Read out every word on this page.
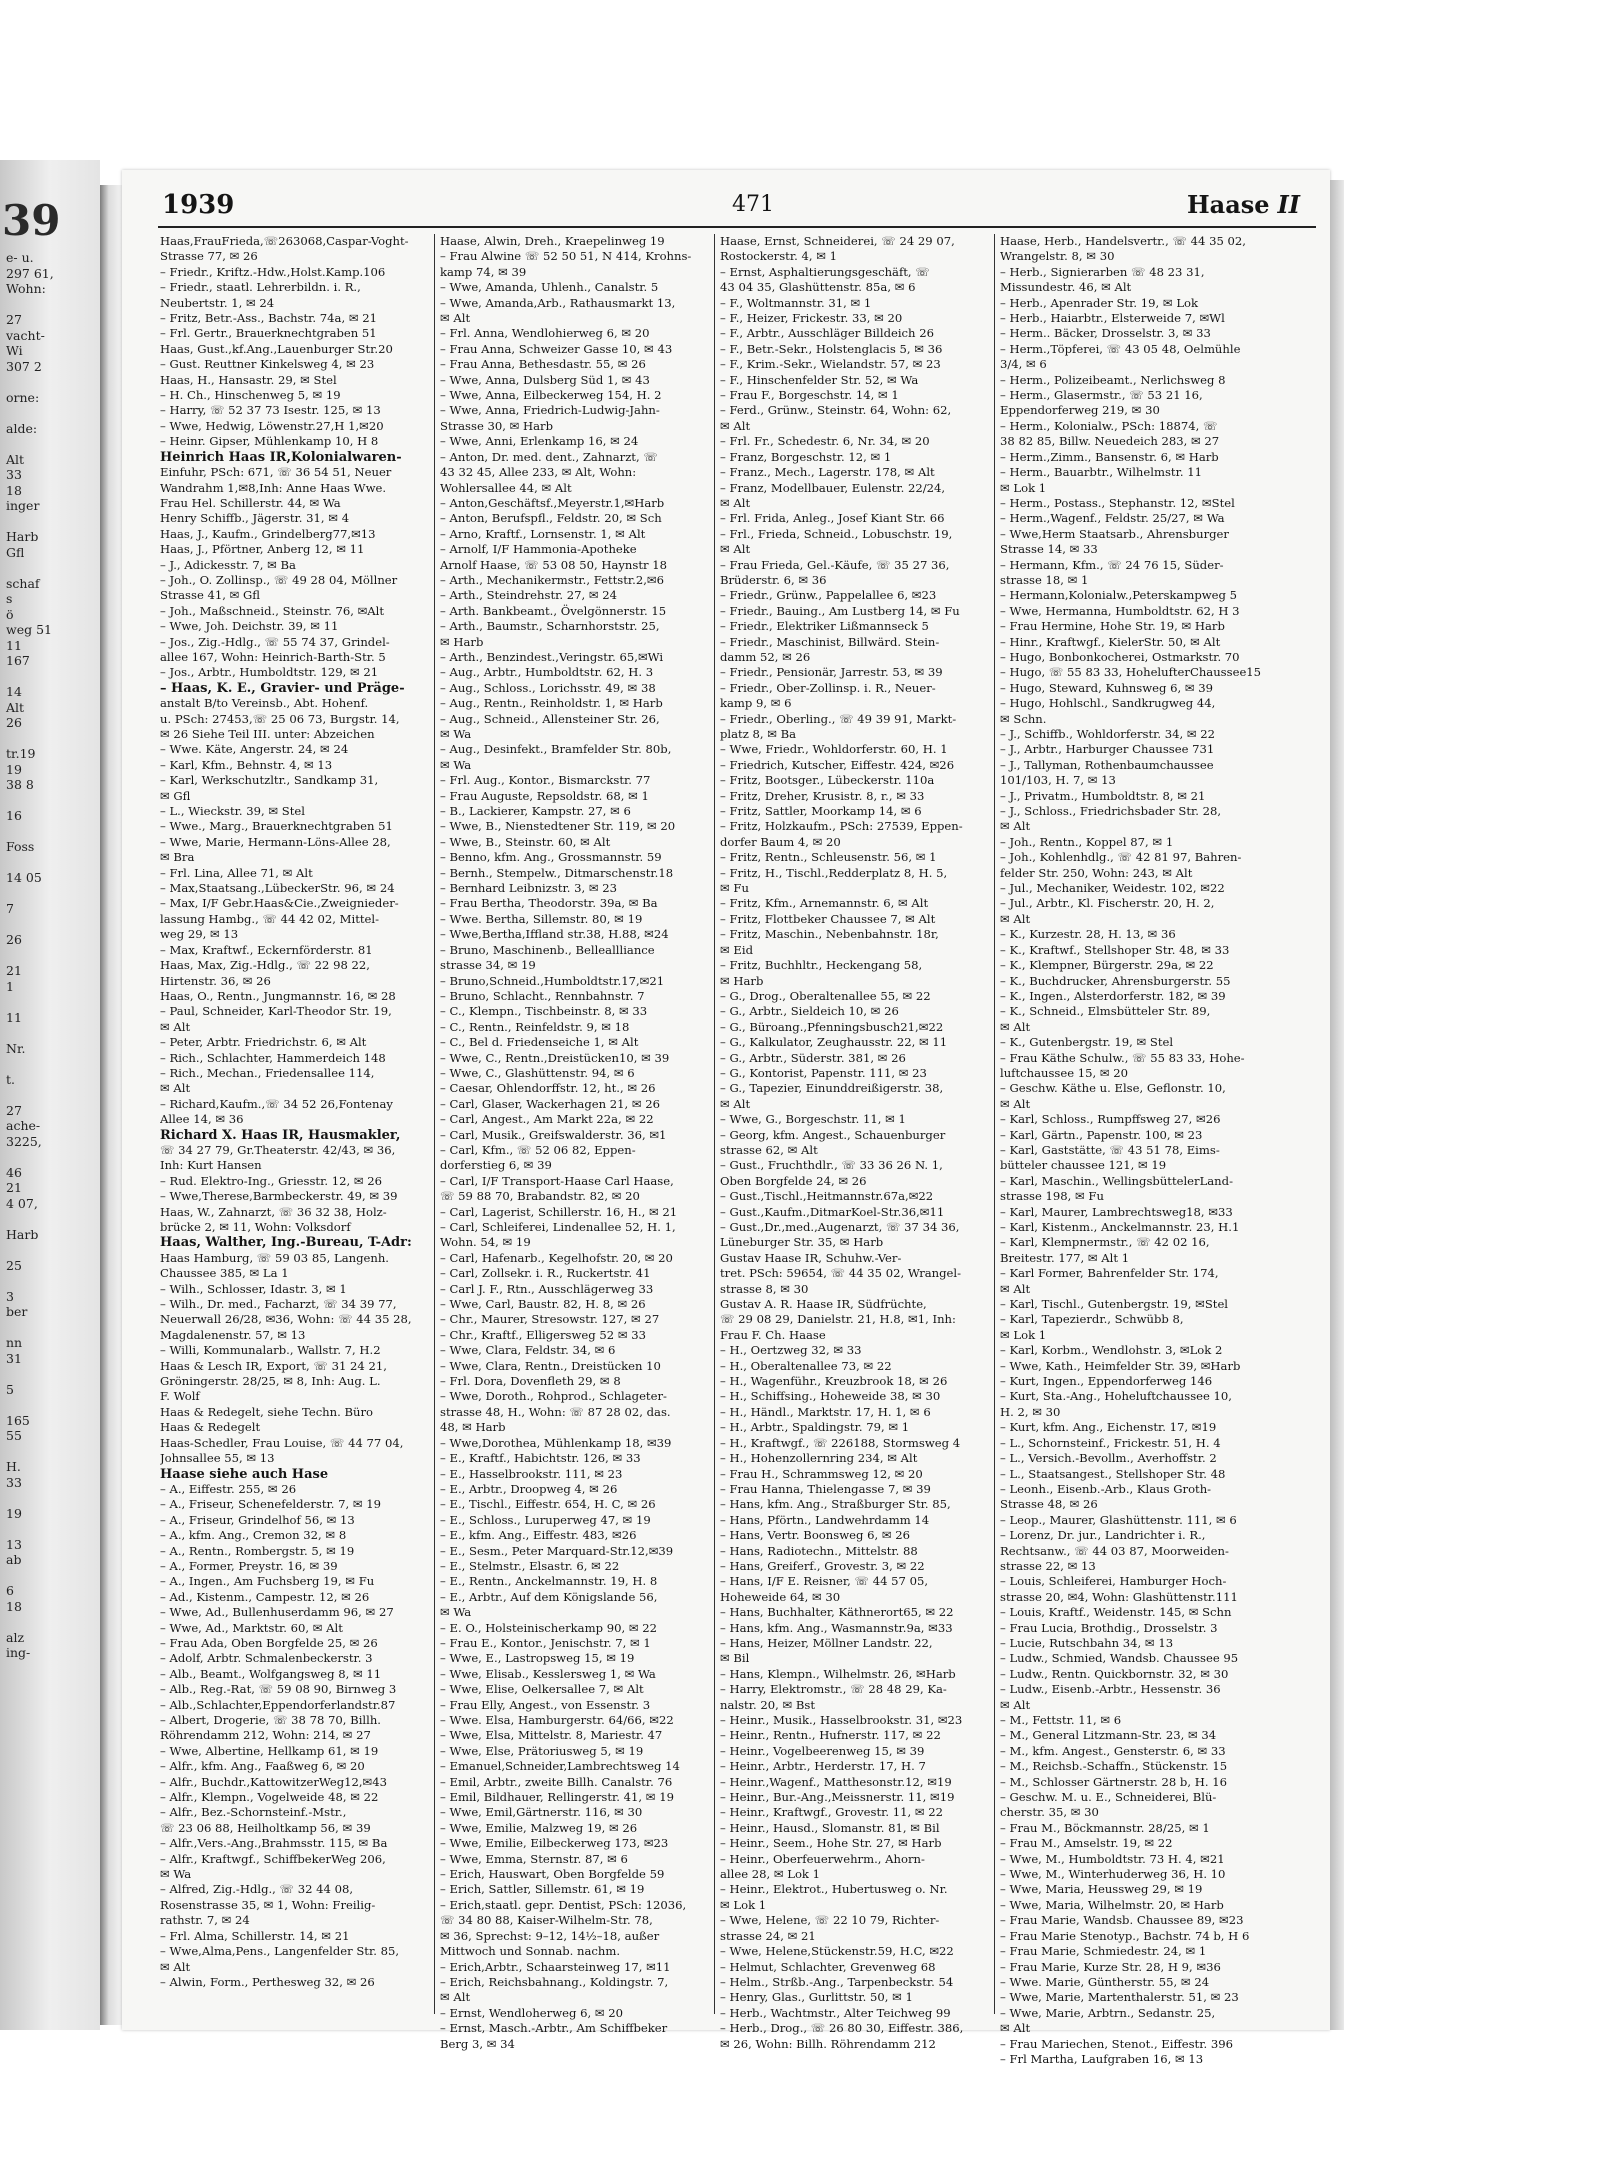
39
e- u.
297 61,
Wohn:

27
vacht-
Wi
307 2

orne:

alde:

Alt
33
18
inger

Harb
Gfl

schaf
s
ö
weg 51
11
167

14
Alt
26

tr.19
19
38 8

16

Foss

14 05

7

26

21
1

11

Nr.

t.

27
ache-
3225,

46
21
4 07,

Harb

25

3
ber

nn
31

5

165
55

H.
33

19

13
ab

6
18

alz
ing-
1939	471	Haase II
Haas,FrauFrieda,☏263068,Caspar-Voght-
Strasse 77, ✉ 26
– Friedr., Kriftz.-Hdw.,Holst.Kamp.106
– Friedr., staatl. Lehrerbildn. i. R.,
Neubertstr. 1, ✉ 24
– Fritz, Betr.-Ass., Bachstr. 74a, ✉ 21
– Frl. Gertr., Brauerknechtgraben 51
Haas, Gust.,kf.Ang.,Lauenburger Str.20
– Gust. Reuttner Kinkelsweg 4, ✉ 23
Haas, H., Hansastr. 29, ✉ Stel
– H. Ch., Hinschenweg 5, ✉ 19
– Harry, ☏ 52 37 73 Isestr. 125, ✉ 13
– Wwe, Hedwig, Löwenstr.27,H 1,✉20
– Heinr. Gipser, Mühlenkamp 10, H 8
Heinrich Haas IR,Kolonialwaren-
Einfuhr, PSch: 671, ☏ 36 54 51, Neuer
Wandrahm 1,✉8,Inh: Anne Haas Wwe.
Frau Hel. Schillerstr. 44, ✉ Wa
Henry Schiffb., Jägerstr. 31, ✉ 4
Haas, J., Kaufm., Grindelberg77,✉13
Haas, J., Pförtner, Anberg 12, ✉ 11
– J., Adickesstr. 7, ✉ Ba
– Joh., O. Zollinsp., ☏ 49 28 04, Möllner
Strasse 41, ✉ Gfl
– Joh., Maßschneid., Steinstr. 76, ✉Alt
– Wwe, Joh. Deichstr. 39, ✉ 11
– Jos., Zig.-Hdlg., ☏ 55 74 37, Grindel-
allee 167, Wohn: Heinrich-Barth-Str. 5
– Jos., Arbtr., Humboldtstr. 129, ✉ 21
– Haas, K. E., Gravier- und Präge-
anstalt B/to Vereinsb., Abt. Hohenf.
u. PSch: 27453,☏ 25 06 73, Burgstr. 14,
✉ 26 Siehe Teil III. unter: Abzeichen
– Wwe. Käte, Angerstr. 24, ✉ 24
– Karl, Kfm., Behnstr. 4, ✉ 13
– Karl, Werkschutzltr., Sandkamp 31,
✉ Gfl
– L., Wieckstr. 39, ✉ Stel
– Wwe., Marg., Brauerknechtgraben 51
– Wwe, Marie, Hermann-Löns-Allee 28,
✉ Bra
– Frl. Lina, Allee 71, ✉ Alt
– Max,Staatsang.,LübeckerStr. 96, ✉ 24
– Max, I/F Gebr.Haas&Cie.,Zweignieder-
lassung Hambg., ☏ 44 42 02, Mittel-
weg 29, ✉ 13
– Max, Kraftwf., Eckernförderstr. 81
Haas, Max, Zig.-Hdlg., ☏ 22 98 22,
Hirtenstr. 36, ✉ 26
Haas, O., Rentn., Jungmannstr. 16, ✉ 28
– Paul, Schneider, Karl-Theodor Str. 19,
✉ Alt
– Peter, Arbtr. Friedrichstr. 6, ✉ Alt
– Rich., Schlachter, Hammerdeich 148
– Rich., Mechan., Friedensallee 114,
✉ Alt
– Richard,Kaufm.,☏ 34 52 26,Fontenay
Allee 14, ✉ 36
Richard X. Haas IR, Hausmakler,
☏ 34 27 79, Gr.Theaterstr. 42/43, ✉ 36,
Inh: Kurt Hansen
– Rud. Elektro-Ing., Griesstr. 12, ✉ 26
– Wwe,Therese,Barmbeckerstr. 49, ✉ 39
Haas, W., Zahnarzt, ☏ 36 32 38, Holz-
brücke 2, ✉ 11, Wohn: Volksdorf
Haas, Walther, Ing.-Bureau, T-Adr:
Haas Hamburg, ☏ 59 03 85, Langenh.
Chaussee 385, ✉ La 1
– Wilh., Schlosser, Idastr. 3, ✉ 1
– Wilh., Dr. med., Facharzt, ☏ 34 39 77,
Neuerwall 26/28, ✉36, Wohn: ☏ 44 35 28,
Magdalenenstr. 57, ✉ 13
– Willi, Kommunalarb., Wallstr. 7, H.2
Haas & Lesch IR, Export, ☏ 31 24 21,
Gröningerstr. 28/25, ✉ 8, Inh: Aug. L.
F. Wolf
Haas & Redegelt, siehe Techn. Büro
Haas & Redegelt
Haas-Schedler, Frau Louise, ☏ 44 77 04,
Johnsallee 55, ✉ 13
Haase siehe auch Hase
– A., Eiffestr. 255, ✉ 26
– A., Friseur, Schenefelderstr. 7, ✉ 19
– A., Friseur, Grindelhof 56, ✉ 13
– A., kfm. Ang., Cremon 32, ✉ 8
– A., Rentn., Rombergstr. 5, ✉ 19
– A., Former, Preystr. 16, ✉ 39
– A., Ingen., Am Fuchsberg 19, ✉ Fu
– Ad., Kistenm., Campestr. 12, ✉ 26
– Wwe, Ad., Bullenhuserdamm 96, ✉ 27
– Wwe, Ad., Marktstr. 60, ✉ Alt
– Frau Ada, Oben Borgfelde 25, ✉ 26
– Adolf, Arbtr. Schmalenbeckerstr. 3
– Alb., Beamt., Wolfgangsweg 8, ✉ 11
– Alb., Reg.-Rat, ☏ 59 08 90, Birnweg 3
– Alb.,Schlachter,Eppendorferlandstr.87
– Albert, Drogerie, ☏ 38 78 70, Billh.
Röhrendamm 212, Wohn: 214, ✉ 27
– Wwe, Albertine, Hellkamp 61, ✉ 19
– Alfr., kfm. Ang., Faaßweg 6, ✉ 20
– Alfr., Buchdr.,KattowitzerWeg12,✉43
– Alfr., Klempn., Vogelweide 48, ✉ 22
– Alfr., Bez.-Schornsteinf.-Mstr.,
☏ 23 06 88, Heilholtkamp 56, ✉ 39
– Alfr.,Vers.-Ang.,Brahmsstr. 115, ✉ Ba
– Alfr., Kraftwgf., SchiffbekerWeg 206,
✉ Wa
– Alfred, Zig.-Hdlg., ☏ 32 44 08,
Rosenstrasse 35, ✉ 1, Wohn: Freilig-
rathstr. 7, ✉ 24
– Frl. Alma, Schillerstr. 14, ✉ 21
– Wwe,Alma,Pens., Langenfelder Str. 85,
✉ Alt
– Alwin, Form., Perthesweg 32, ✉ 26
Haase, Alwin, Dreh., Kraepelinweg 19
– Frau Alwine ☏ 52 50 51, N 414, Krohns-
kamp 74, ✉ 39
– Wwe, Amanda, Uhlenh., Canalstr. 5
– Wwe, Amanda,Arb., Rathausmarkt 13,
✉ Alt
– Frl. Anna, Wendlohierweg 6, ✉ 20
– Frau Anna, Schweizer Gasse 10, ✉ 43
– Frau Anna, Bethesdastr. 55, ✉ 26
– Wwe, Anna, Dulsberg Süd 1, ✉ 43
– Wwe, Anna, Eilbeckerweg 154, H. 2
– Wwe, Anna, Friedrich-Ludwig-Jahn-
Strasse 30, ✉ Harb
– Wwe, Anni, Erlenkamp 16, ✉ 24
– Anton, Dr. med. dent., Zahnarzt, ☏
43 32 45, Allee 233, ✉ Alt, Wohn:
Wohlersallee 44, ✉ Alt
– Anton,Geschäftsf.,Meyerstr.1,✉Harb
– Anton, Berufspfl., Feldstr. 20, ✉ Sch
– Arno, Kraftf., Lornsenstr. 1, ✉ Alt
– Arnolf, I/F Hammonia-Apotheke
Arnolf Haase, ☏ 53 08 50, Haynstr 18
– Arth., Mechanikermstr., Fettstr.2,✉6
– Arth., Steindrehstr. 27, ✉ 24
– Arth. Bankbeamt., Övelgönnerstr. 15
– Arth., Baumstr., Scharnhorststr. 25,
✉ Harb
– Arth., Benzindest.,Veringstr. 65,✉Wi
– Aug., Arbtr., Humboldtstr. 62, H. 3
– Aug., Schloss., Lorichsstr. 49, ✉ 38
– Aug., Rentn., Reinholdstr. 1, ✉ Harb
– Aug., Schneid., Allensteiner Str. 26,
✉ Wa
– Aug., Desinfekt., Bramfelder Str. 80b,
✉ Wa
– Frl. Aug., Kontor., Bismarckstr. 77
– Frau Auguste, Repsoldstr. 68, ✉ 1
– B., Lackierer, Kampstr. 27, ✉ 6
– Wwe, B., Nienstedtener Str. 119, ✉ 20
– Wwe, B., Steinstr. 60, ✉ Alt
– Benno, kfm. Ang., Grossmannstr. 59
– Bernh., Stempelw., Ditmarschenstr.18
– Bernhard Leibnizstr. 3, ✉ 23
– Frau Bertha, Theodorstr. 39a, ✉ Ba
– Wwe. Bertha, Sillemstr. 80, ✉ 19
– Wwe,Bertha,Iffland str.38, H.88, ✉24
– Bruno, Maschinenb., Belleallliance
strasse 34, ✉ 19
– Bruno,Schneid.,Humboldtstr.17,✉21
– Bruno, Schlacht., Rennbahnstr. 7
– C., Klempn., Tischbeinstr. 8, ✉ 33
– C., Rentn., Reinfeldstr. 9, ✉ 18
– C., Bel d. Friedenseiche 1, ✉ Alt
– Wwe, C., Rentn.,Dreistücken10, ✉ 39
– Wwe, C., Glashüttenstr. 94, ✉ 6
– Caesar, Ohlendorffstr. 12, ht., ✉ 26
– Carl, Glaser, Wackerhagen 21, ✉ 26
– Carl, Angest., Am Markt 22a, ✉ 22
– Carl, Musik., Greifswalderstr. 36, ✉1
– Carl, Kfm., ☏ 52 06 82, Eppen-
dorferstieg 6, ✉ 39
– Carl, I/F Transport-Haase Carl Haase,
☏ 59 88 70, Brabandstr. 82, ✉ 20
– Carl, Lagerist, Schillerstr. 16, H., ✉ 21
– Carl, Schleiferei, Lindenallee 52, H. 1,
Wohn. 54, ✉ 19
– Carl, Hafenarb., Kegelhofstr. 20, ✉ 20
– Carl, Zollsekr. i. R., Ruckertstr. 41
– Carl J. F., Rtn., Ausschlägerweg 33
– Wwe, Carl, Baustr. 82, H. 8, ✉ 26
– Chr., Maurer, Stresowstr. 127, ✉ 27
– Chr., Kraftf., Elligersweg 52 ✉ 33
– Wwe, Clara, Feldstr. 34, ✉ 6
– Wwe, Clara, Rentn., Dreistücken 10
– Frl. Dora, Dovenfleth 29, ✉ 8
– Wwe, Doroth., Rohprod., Schlageter-
strasse 48, H., Wohn: ☏ 87 28 02, das.
48, ✉ Harb
– Wwe,Dorothea, Mühlenkamp 18, ✉39
– E., Kraftf., Habichtstr. 126, ✉ 33
– E., Hasselbrookstr. 111, ✉ 23
– E., Arbtr., Droopweg 4, ✉ 26
– E., Tischl., Eiffestr. 654, H. C, ✉ 26
– E., Schloss., Luruperweg 47, ✉ 19
– E., kfm. Ang., Eiffestr. 483, ✉26
– E., Sesm., Peter Marquard-Str.12,✉39
– E., Stelmstr., Elsastr. 6, ✉ 22
– E., Rentn., Anckelmannstr. 19, H. 8
– E., Arbtr., Auf dem Königslande 56,
✉ Wa
– E. O., Holsteinischerkamp 90, ✉ 22
– Frau E., Kontor., Jenischstr. 7, ✉ 1
– Wwe, E., Lastropsweg 15, ✉ 19
– Wwe, Elisab., Kesslersweg 1, ✉ Wa
– Wwe, Elise, Oelkersallee 7, ✉ Alt
– Frau Elly, Angest., von Essenstr. 3
– Wwe. Elsa, Hamburgerstr. 64/66, ✉22
– Wwe, Elsa, Mittelstr. 8, Mariestr. 47
– Wwe, Else, Prätoriusweg 5, ✉ 19
– Emanuel,Schneider,Lambrechtsweg 14
– Emil, Arbtr., zweite Billh. Canalstr. 76
– Emil, Bildhauer, Rellingerstr. 41, ✉ 19
– Wwe, Emil,Gärtnerstr. 116, ✉ 30
– Wwe, Emilie, Malzweg 19, ✉ 26
– Wwe, Emilie, Eilbeckerweg 173, ✉23
– Wwe, Emma, Sternstr. 87, ✉ 6
– Erich, Hauswart, Oben Borgfelde 59
– Erich, Sattler, Sillemstr. 61, ✉ 19
– Erich,staatl. gepr. Dentist, PSch: 12036,
☏ 34 80 88, Kaiser-Wilhelm-Str. 78,
✉ 36, Sprechst: 9–12, 14½–18, außer
Mittwoch und Sonnab. nachm.
– Erich,Arbtr., Schaarsteinweg 17, ✉11
– Erich, Reichsbahnang., Koldingstr. 7,
✉ Alt
– Ernst, Wendloherweg 6, ✉ 20
– Ernst, Masch.-Arbtr., Am Schiffbeker
Berg 3, ✉ 34
Haase, Ernst, Schneiderei, ☏ 24 29 07,
Rostockerstr. 4, ✉ 1
– Ernst, Asphaltierungsgeschäft, ☏
43 04 35, Glashüttenstr. 85a, ✉ 6
– F., Woltmannstr. 31, ✉ 1
– F., Heizer, Frickestr. 33, ✉ 20
– F., Arbtr., Ausschläger Billdeich 26
– F., Betr.-Sekr., Holstenglacis 5, ✉ 36
– F., Krim.-Sekr., Wielandstr. 57, ✉ 23
– F., Hinschenfelder Str. 52, ✉ Wa
– Frau F., Borgeschstr. 14, ✉ 1
– Ferd., Grünw., Steinstr. 64, Wohn: 62,
✉ Alt
– Frl. Fr., Schedestr. 6, Nr. 34, ✉ 20
– Franz, Borgeschstr. 12, ✉ 1
– Franz., Mech., Lagerstr. 178, ✉ Alt
– Franz, Modellbauer, Eulenstr. 22/24,
✉ Alt
– Frl. Frida, Anleg., Josef Kiant Str. 66
– Frl., Frieda, Schneid., Lobuschstr. 19,
✉ Alt
– Frau Frieda, Gel.-Käufe, ☏ 35 27 36,
Brüderstr. 6, ✉ 36
– Friedr., Grünw., Pappelallee 6, ✉23
– Friedr., Bauing., Am Lustberg 14, ✉ Fu
– Friedr., Elektriker Lißmannseck 5
– Friedr., Maschinist, Billwärd. Stein-
damm 52, ✉ 26
– Friedr., Pensionär, Jarrestr. 53, ✉ 39
– Friedr., Ober-Zollinsp. i. R., Neuer-
kamp 9, ✉ 6
– Friedr., Oberling., ☏ 49 39 91, Markt-
platz 8, ✉ Ba
– Wwe, Friedr., Wohldorferstr. 60, H. 1
– Friedrich, Kutscher, Eiffestr. 424, ✉26
– Fritz, Bootsger., Lübeckerstr. 110a
– Fritz, Dreher, Krusistr. 8, r., ✉ 33
– Fritz, Sattler, Moorkamp 14, ✉ 6
– Fritz, Holzkaufm., PSch: 27539, Eppen-
dorfer Baum 4, ✉ 20
– Fritz, Rentn., Schleusenstr. 56, ✉ 1
– Fritz, H., Tischl.,Redderplatz 8, H. 5,
✉ Fu
– Fritz, Kfm., Arnemannstr. 6, ✉ Alt
– Fritz, Flottbeker Chaussee 7, ✉ Alt
– Fritz, Maschin., Nebenbahnstr. 18r,
✉ Eid
– Fritz, Buchhltr., Heckengang 58,
✉ Harb
– G., Drog., Oberaltenallee 55, ✉ 22
– G., Arbtr., Sieldeich 10, ✉ 26
– G., Büroang.,Pfenningsbusch21,✉22
– G., Kalkulator, Zeughausstr. 22, ✉ 11
– G., Arbtr., Süderstr. 381, ✉ 26
– G., Kontorist, Papenstr. 111, ✉ 23
– G., Tapezier, Einunddreißigerstr. 38,
✉ Alt
– Wwe, G., Borgeschstr. 11, ✉ 1
– Georg, kfm. Angest., Schauenburger
strasse 62, ✉ Alt
– Gust., Fruchthdlr., ☏ 33 36 26 N. 1,
Oben Borgfelde 24, ✉ 26
– Gust.,Tischl.,Heitmannstr.67a,✉22
– Gust.,Kaufm.,DitmarKoel-Str.36,✉11
– Gust.,Dr.,med.,Augenarzt, ☏ 37 34 36,
Lüneburger Str. 35, ✉ Harb
Gustav Haase IR, Schuhw.-Ver-
tret. PSch: 59654, ☏ 44 35 02, Wrangel-
strasse 8, ✉ 30
Gustav A. R. Haase IR, Südfrüchte,
☏ 29 08 29, Danielstr. 21, H.8, ✉1, Inh:
Frau F. Ch. Haase
– H., Oertzweg 32, ✉ 33
– H., Oberaltenallee 73, ✉ 22
– H., Wagenführ., Kreuzbrook 18, ✉ 26
– H., Schiffsing., Hoheweide 38, ✉ 30
– H., Händl., Marktstr. 17, H. 1, ✉ 6
– H., Arbtr., Spaldingstr. 79, ✉ 1
– H., Kraftwgf., ☏ 226188, Stormsweg 4
– H., Hohenzollernring 234, ✉ Alt
– Frau H., Schrammsweg 12, ✉ 20
– Frau Hanna, Thielengasse 7, ✉ 39
– Hans, kfm. Ang., Straßburger Str. 85,
– Hans, Pförtn., Landwehrdamm 14
– Hans, Vertr. Boonsweg 6, ✉ 26
– Hans, Radiotechn., Mittelstr. 88
– Hans, Greiferf., Grovestr. 3, ✉ 22
– Hans, I/F E. Reisner, ☏ 44 57 05,
Hoheweide 64, ✉ 30
– Hans, Buchhalter, Käthnerort65, ✉ 22
– Hans, kfm. Ang., Wasmannstr.9a, ✉33
– Hans, Heizer, Möllner Landstr. 22,
✉ Bil
– Hans, Klempn., Wilhelmstr. 26, ✉Harb
– Harry, Elektromstr., ☏ 28 48 29, Ka-
nalstr. 20, ✉ Bst
– Heinr., Musik., Hasselbrookstr. 31, ✉23
– Heinr., Rentn., Hufnerstr. 117, ✉ 22
– Heinr., Vogelbeerenweg 15, ✉ 39
– Heinr., Arbtr., Herderstr. 17, H. 7
– Heinr.,Wagenf., Matthesonstr.12, ✉19
– Heinr., Bur.-Ang.,Meissnerstr. 11, ✉19
– Heinr., Kraftwgf., Grovestr. 11, ✉ 22
– Heinr., Hausd., Slomanstr. 81, ✉ Bil
– Heinr., Seem., Hohe Str. 27, ✉ Harb
– Heinr., Oberfeuerwehrm., Ahorn-
allee 28, ✉ Lok 1
– Heinr., Elektrot., Hubertusweg o. Nr.
✉ Lok 1
– Wwe, Helene, ☏ 22 10 79, Richter-
strasse 24, ✉ 21
– Wwe, Helene,Stückenstr.59, H.C, ✉22
– Helmut, Schlachter, Grevenweg 68
– Helm., Strßb.-Ang., Tarpenbeckstr. 54
– Henry, Glas., Gurlittstr. 50, ✉ 1
– Herb., Wachtmstr., Alter Teichweg 99
– Herb., Drog., ☏ 26 80 30, Eiffestr. 386,
✉ 26, Wohn: Billh. Röhrendamm 212
Haase, Herb., Handelsvertr., ☏ 44 35 02,
Wrangelstr. 8, ✉ 30
– Herb., Signierarben ☏ 48 23 31,
Missundestr. 46, ✉ Alt
– Herb., Apenrader Str. 19, ✉ Lok
– Herb., Haiarbtr., Elsterweide 7, ✉Wl
– Herm.. Bäcker, Drosselstr. 3, ✉ 33
– Herm.,Töpferei, ☏ 43 05 48, Oelmühle
3/4, ✉ 6
– Herm., Polizeibeamt., Nerlichsweg 8
– Herm., Glasermstr., ☏ 53 21 16,
Eppendorferweg 219, ✉ 30
– Herm., Kolonialw., PSch: 18874, ☏
38 82 85, Billw. Neuedeich 283, ✉ 27
– Herm.,Zimm., Bansenstr. 6, ✉ Harb
– Herm., Bauarbtr., Wilhelmstr. 11
✉ Lok 1
– Herm., Postass., Stephanstr. 12, ✉Stel
– Herm.,Wagenf., Feldstr. 25/27, ✉ Wa
– Wwe,Herm Staatsarb., Ahrensburger
Strasse 14, ✉ 33
– Hermann, Kfm., ☏ 24 76 15, Süder-
strasse 18, ✉ 1
– Hermann,Kolonialw.,Peterskampweg 5
– Wwe, Hermanna, Humboldtstr. 62, H 3
– Frau Hermine, Hohe Str. 19, ✉ Harb
– Hinr., Kraftwgf., KielerStr. 50, ✉ Alt
– Hugo, Bonbonkocherei, Ostmarkstr. 70
– Hugo, ☏ 55 83 33, HohelufterChaussee15
– Hugo, Steward, Kuhnsweg 6, ✉ 39
– Hugo, Hohlschl., Sandkrugweg 44,
✉ Schn.
– J., Schiffb., Wohldorferstr. 34, ✉ 22
– J., Arbtr., Harburger Chaussee 731
– J., Tallyman, Rothenbaumchaussee
101/103, H. 7, ✉ 13
– J., Privatm., Humboldtstr. 8, ✉ 21
– J., Schloss., Friedrichsbader Str. 28,
✉ Alt
– Joh., Rentn., Koppel 87, ✉ 1
– Joh., Kohlenhdlg., ☏ 42 81 97, Bahren-
felder Str. 250, Wohn: 243, ✉ Alt
– Jul., Mechaniker, Weidestr. 102, ✉22
– Jul., Arbtr., Kl. Fischerstr. 20, H. 2,
✉ Alt
– K., Kurzestr. 28, H. 13, ✉ 36
– K., Kraftwf., Stellshoper Str. 48, ✉ 33
– K., Klempner, Bürgerstr. 29a, ✉ 22
– K., Buchdrucker, Ahrensburgerstr. 55
– K., Ingen., Alsterdorferstr. 182, ✉ 39
– K., Schneid., Elmsbütteler Str. 89,
✉ Alt
– K., Gutenbergstr. 19, ✉ Stel
– Frau Käthe Schulw., ☏ 55 83 33, Hohe-
luftchaussee 15, ✉ 20
– Geschw. Käthe u. Else, Geflonstr. 10,
✉ Alt
– Karl, Schloss., Rumpffsweg 27, ✉26
– Karl, Gärtn., Papenstr. 100, ✉ 23
– Karl, Gaststätte, ☏ 43 51 78, Eims-
bütteler chaussee 121, ✉ 19
– Karl, Maschin., WellingsbüttelerLand-
strasse 198, ✉ Fu
– Karl, Maurer, Lambrechtsweg18, ✉33
– Karl, Kistenm., Anckelmannstr. 23, H.1
– Karl, Klempnermstr., ☏ 42 02 16,
Breitestr. 177, ✉ Alt 1
– Karl Former, Bahrenfelder Str. 174,
✉ Alt
– Karl, Tischl., Gutenbergstr. 19, ✉Stel
– Karl, Tapezierdr., Schwübb 8,
✉ Lok 1
– Karl, Korbm., Wendlohstr. 3, ✉Lok 2
– Wwe, Kath., Heimfelder Str. 39, ✉Harb
– Kurt, Ingen., Eppendorferweg 146
– Kurt, Sta.-Ang., Hoheluftchaussee 10,
H. 2, ✉ 30
– Kurt, kfm. Ang., Eichenstr. 17, ✉19
– L., Schornsteinf., Frickestr. 51, H. 4
– L., Versich.-Bevollm., Averhoffstr. 2
– L., Staatsangest., Stellshoper Str. 48
– Leonh., Eisenb.-Arb., Klaus Groth-
Strasse 48, ✉ 26
– Leop., Maurer, Glashüttenstr. 111, ✉ 6
– Lorenz, Dr. jur., Landrichter i. R.,
Rechtsanw., ☏ 44 03 87, Moorweiden-
strasse 22, ✉ 13
– Louis, Schleiferei, Hamburger Hoch-
strasse 20, ✉4, Wohn: Glashüttenstr.111
– Louis, Kraftf., Weidenstr. 145, ✉ Schn
– Frau Lucia, Brothdig., Drosselstr. 3
– Lucie, Rutschbahn 34, ✉ 13
– Ludw., Schmied, Wandsb. Chaussee 95
– Ludw., Rentn. Quickbornstr. 32, ✉ 30
– Ludw., Eisenb.-Arbtr., Hessenstr. 36
✉ Alt
– M., Fettstr. 11, ✉ 6
– M., General Litzmann-Str. 23, ✉ 34
– M., kfm. Angest., Gensterstr. 6, ✉ 33
– M., Reichsb.-Schaffn., Stückenstr. 15
– M., Schlosser Gärtnerstr. 28 b, H. 16
– Geschw. M. u. E., Schneiderei, Blü-
cherstr. 35, ✉ 30
– Frau M., Böckmannstr. 28/25, ✉ 1
– Frau M., Amselstr. 19, ✉ 22
– Wwe, M., Humboldtstr. 73 H. 4, ✉21
– Wwe, M., Winterhuderweg 36, H. 10
– Wwe, Maria, Heussweg 29, ✉ 19
– Wwe, Maria, Wilhelmstr. 20, ✉ Harb
– Frau Marie, Wandsb. Chaussee 89, ✉23
– Frau Marie Stenotyp., Bachstr. 74 b, H 6
– Frau Marie, Schmiedestr. 24, ✉ 1
– Frau Marie, Kurze Str. 28, H 9, ✉36
– Wwe. Marie, Güntherstr. 55, ✉ 24
– Wwe, Marie, Martenthalerstr. 51, ✉ 23
– Wwe, Marie, Arbtrn., Sedanstr. 25,
✉ Alt
– Frau Mariechen, Stenot., Eiffestr. 396
– Frl Martha, Laufgraben 16, ✉ 13
